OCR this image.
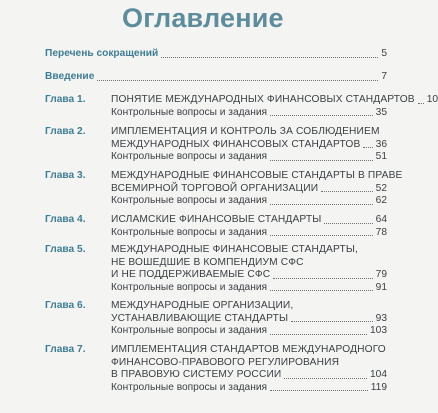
Оглавление
Перечень сокращений	5
Введение	7
Глава 1.	ПОНЯТИЕ МЕЖДУНАРОДНЫХ ФИНАНСОВЫХ СТАНДАРТОВ 10
Контрольные вопросы и задания	35
Глава 2.	ИМПЛЕМЕНТАЦИЯ И КОНТРОЛЬ ЗА СОБЛЮДЕНИЕМ
МЕЖДУНАРОДНЫХ ФИНАНСОВЫХ СТАНДАРТОВ 36
Контрольные вопросы и задания	51
Глава 3.	МЕЖДУНАРОДНЫЕ ФИНАНСОВЫЕ СТАНДАРТЫ В ПРАВЕ
ВСЕМИРНОЙ ТОРГОВОЙ ОРГАНИЗАЦИИ	52
Контрольные вопросы и задания	62
Глава 4.	ИСЛАМСКИЕ ФИНАНСОВЫЕ СТАНДАРТЫ	64
Контрольные вопросы и задания	78
Глава 5.	МЕЖДУНАРОДНЫЕ ФИНАНСОВЫЕ СТАНДАРТЫ,
НЕ ВОШЕДШИЕ В КОМПЕНДИУМ СФС
И НЕ ПОДДЕРЖИВАЕМЫЕ СФС	79
Контрольные вопросы и задания	91
Глава 6.	МЕЖДУНАРОДНЫЕ ОРГАНИЗАЦИИ,
УСТАНАВЛИВАЮЩИЕ СТАНДАРТЫ	93
Контрольные вопросы и задания	103
Глава 7.	ИМПЛЕМЕНТАЦИЯ СТАНДАРТОВ МЕЖДУНАРОДНОГО
ФИНАНСОВО-ПРАВОВОГО РЕГУЛИРОВАНИЯ
В ПРАВОВУЮ СИСТЕМУ РОССИИ	104
Контрольные вопросы и задания	119
